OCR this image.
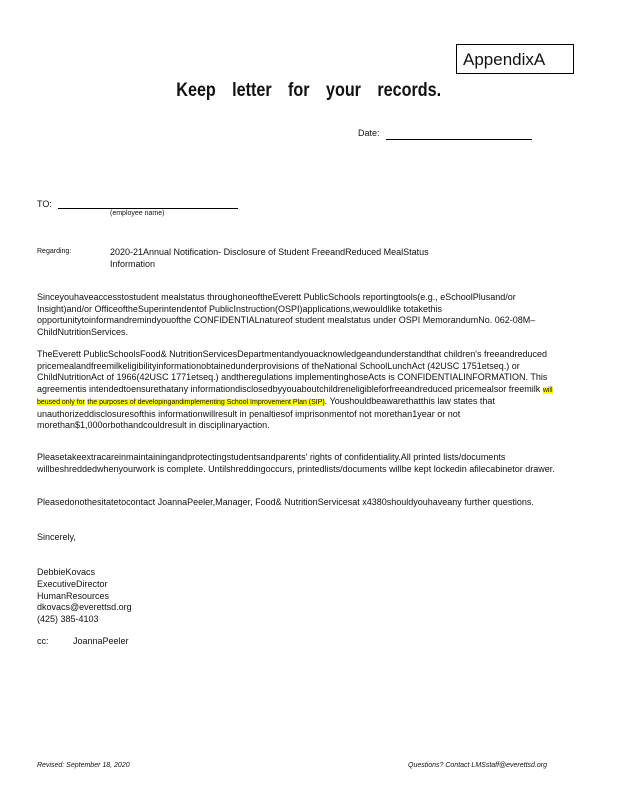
AppendixA
Keep letter for your records.
Date:
TO:
(employee name)
Regarding:	2020-21Annual Notification- Disclosure of Student FreeandReduced MealStatus Information
Sinceyouhaveaccesstostudent mealstatus throughoneoftheEverett PublicSchools reportingtools(e.g., eSchoolPlusand/or Insight)and/or OfficeoftheSuperintendentof PublicInstruction(OSPI)applications,wewouldlike totakethis opportunitytoinformandremindyouofthe CONFIDENTIALnatureof student mealstatus under OSPI MemorandumNo. 062-08M– ChildNutritionServices.
TheEverett PublicSchoolsFood& NutritionServicesDepartmentandyouacknowledgeandunderstandthat children's freeandreduced pricemealandfreemilkeligibilityinformationobtainedunderprovisions of theNational SchoolLunchAct (42USC 1751etseq.) or ChildNutritionAct of 1966(42USC 1771etseq.) andtheregulations implementinghoseActs is CONFIDENTIALINFORMATION. This agreementis intendedtoensurethatany informationdisclosedbyyouaboutchildreneligibleforfreeandreduced pricemealsor freemilk will beused only for the purposes of developingandimplementing School Improvement Plan (SIP). Youshouldbeawarethatthis law states that unauthorizeddisclosuresofthis informationwillresult in penaltiesof imprisonmentof not morethan1year or not morethan$1,000orbothandcouldresult in disciplinaryaction.
Pleasetakeextracareinmaintainingandprotectingstudentsandparents' rights of confidentiality.All printed lists/documents willbeshreddedwhenyourwork is complete. Untilshreddingoccurs, printedlists/documents willbe kept lockedin afilecabinetor drawer.
Pleasedonothesitatetocontact JoannaPeeler,Manager, Food& NutritionServicesat x4380shouldyouhaveany further questions.
Sincerely,
DebbieKovacs
ExecutiveDirector
HumanResources
dkovacs@everettsd.org
(425) 385-4103
cc:	JoannaPeeler
Revised: September 18, 2020	Questions? Contact LMSstaff@everettsd.org
